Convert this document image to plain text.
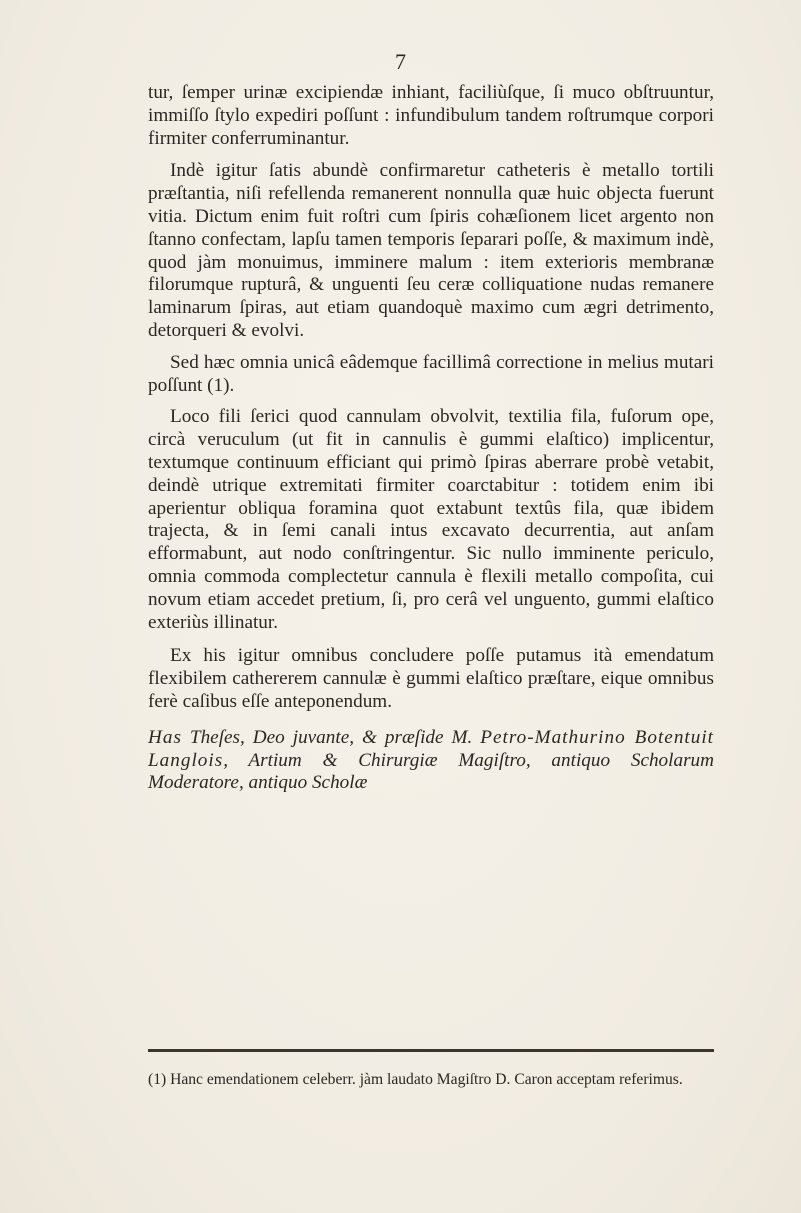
7

tur, ſemper urinæ excipiendæ inhiant, faciliùſque, ſi muco obſtruuntur, immiſſo ſtylo expediri poſſunt : infundibulum tandem roſtrumque corpori firmiter conferruminantur.

Indè igitur ſatis abundè confirmaretur catheteris è metallo tortili præſtantia, niſi refellenda remanerent nonnulla quæ huic objecta fuerunt vitia. Dictum enim fuit roſtri cum ſpiris cohæſionem licet argento non ſtanno confectam, lapſu tamen temporis ſeparari poſſe, & maximum indè, quod jàm monuimus, imminere malum : item exterioris membranæ filorumque rupturâ, & unguenti ſeu ceræ colliquatione nudas remanere laminarum ſpiras, aut etiam quandoquè maximo cum ægri detrimento, detorqueri & evolvi.

Sed hæc omnia unicâ eâdemque facillimâ correctione in melius mutari poſſunt (1).

Loco fili ſerici quod cannulam obvolvit, textilia fila, fuſorum ope, circà veruculum (ut fit in cannulis è gummi elaſtico) implicentur, textumque continuum efficiant qui primò ſpiras aberrare probè vetabit, deindè utrique extremitati firmiter coarctabitur : totidem enim ibi aperientur obliqua foramina quot extabunt textûs fila, quæ ibidem trajecta, & in ſemi canali intus excavato decurrentia, aut anſam efformabunt, aut nodo conſtringentur. Sic nullo imminente periculo, omnia commoda complectetur cannula è flexili metallo compoſita, cui novum etiam accedet pretium, ſi, pro cerâ vel unguento, gummi elaſtico exteriùs illinatur.

Ex his igitur omnibus concludere poſſe putamus ità emendatum flexibilem cathererem cannulæ è gummi elaſtico præſtare, eique omnibus ferè caſibus eſſe anteponendum.

Has Theſes, Deo juvante, & præſide M. Petro-Mathurino Botentuit Langlois, Artium & Chirurgiæ Magiſtro, antiquo Scholarum Moderatore, antiquo Scholæ

(1) Hanc emendationem celeberr. jàm laudato Magiſtro D. Caron acceptam referimus.
